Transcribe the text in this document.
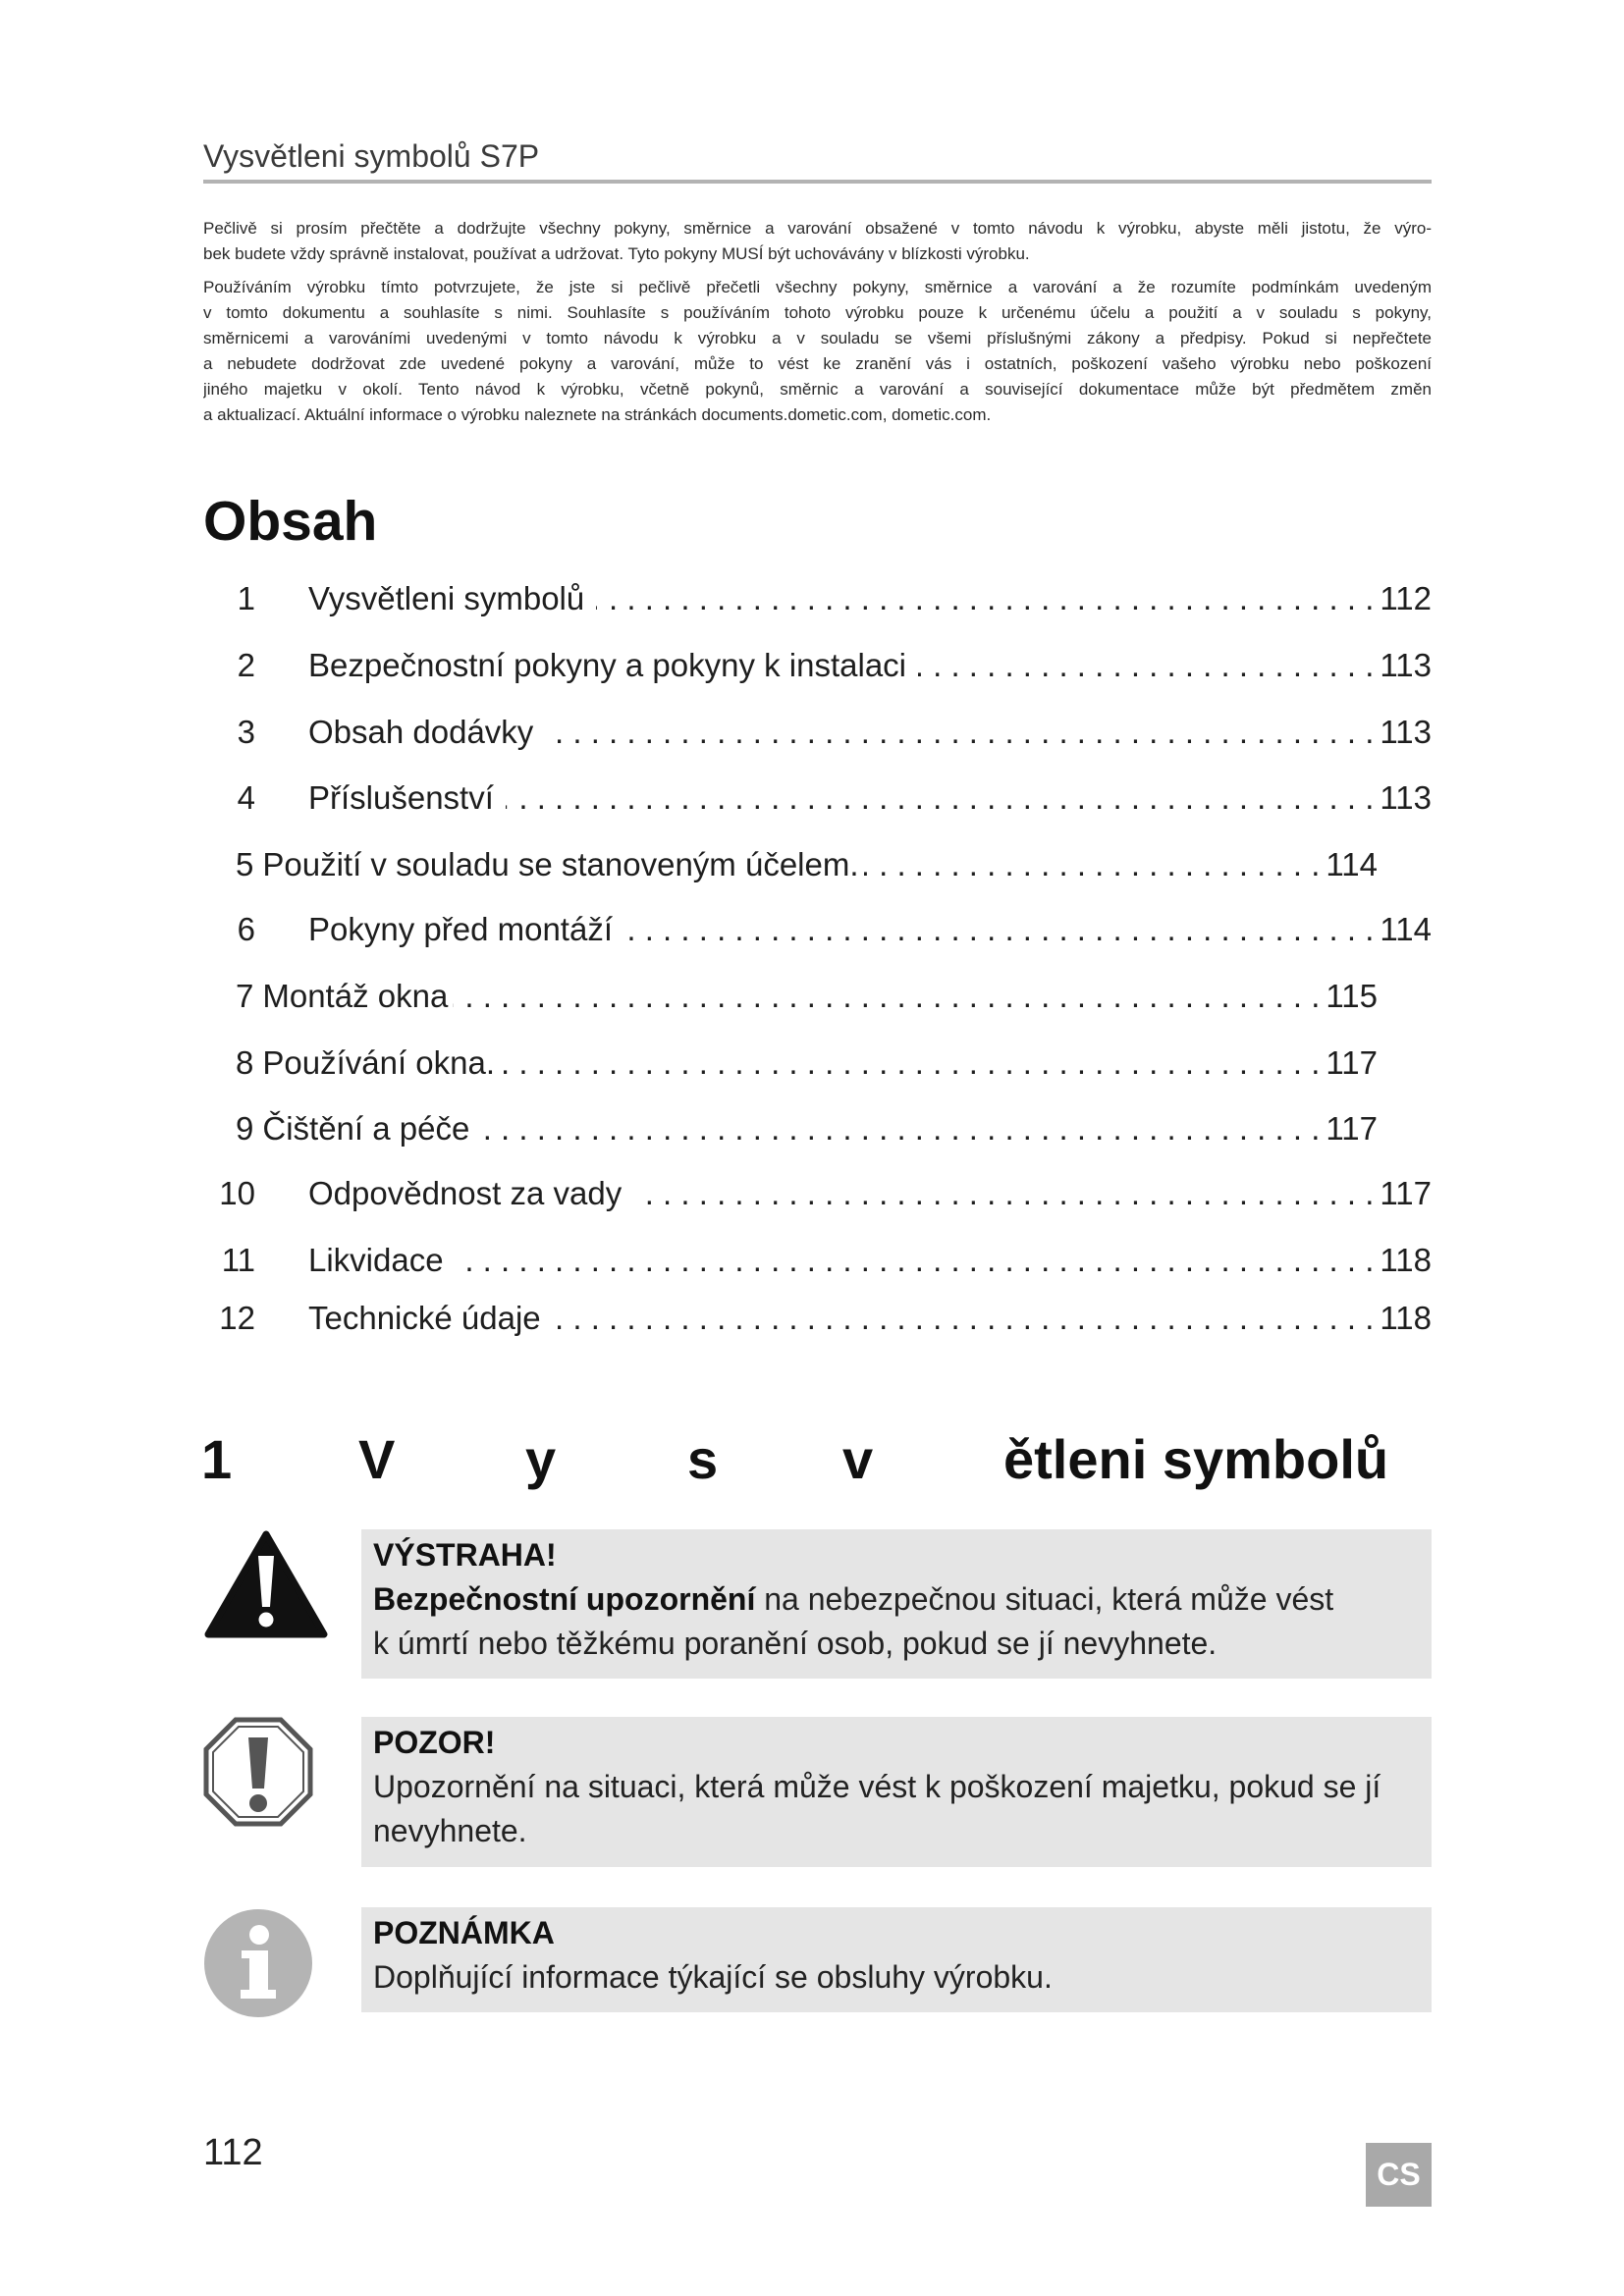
Vysvětleni symbolů S7P
Pečlivě si prosím přečtěte a dodržujte všechny pokyny, směrnice a varování obsažené v tomto návodu k výrobku, abyste měli jistotu, že výro-
bek budete vždy správně instalovat, používat a udržovat. Tyto pokyny MUSÍ být uchovávány v blízkosti výrobku.
Používáním výrobku tímto potvrzujete, že jste si pečlivě přečetli všechny pokyny, směrnice a varování a že rozumíte podmínkám uvedeným
v tomto dokumentu a souhlasíte s nimi. Souhlasíte s používáním tohoto výrobku pouze k určenému účelu a použití a v souladu s pokyny,
směrnicemi a varováními uvedenými v tomto návodu k výrobku a v souladu se všemi příslušnými zákony a předpisy. Pokud si nepřečtete
a nebudete dodržovat zde uvedené pokyny a varování, může to vést ke zranění vás i ostatních, poškození vašeho výrobku nebo poškození
jiného majetku v okolí. Tento návod k výrobku, včetně pokynů, směrnic a varování a související dokumentace může být předmětem změn
a aktualizací. Aktuální informace o výrobku naleznete na stránkách documents.dometic.com, dometic.com.
Obsah
1 Vysvětleni symbolů . . .	112
2 Bezpečnostní pokyny a pokyny k instalaci . . .	113
3 Obsah dodávky . . .	113
4 Příslušenství . . .	113
5 Použití v souladu se stanoveným účelem. . . .	114
6 Pokyny před montáží . . .	114
7 Montáž okna . . .	115
8 Používání okna. . . .	117
9 Čištění a péče . . .	117
10 Odpovědnost za vady . . .	117
11 Likvidace . . .	118
12 Technické údaje . . .	118
1 V y s v ětleni symbolů
VÝSTRAHA!
Bezpečnostní upozornění na nebezpečnou situaci, která může vést
k úmrtí nebo těžkému poranění osob, pokud se jí nevyhnete.
POZOR!
Upozornění na situaci, která může vést k poškození majetku, pokud se jí
nevyhnete.
POZNÁMKA
Doplňující informace týkající se obsluhy výrobku.
112
CS
